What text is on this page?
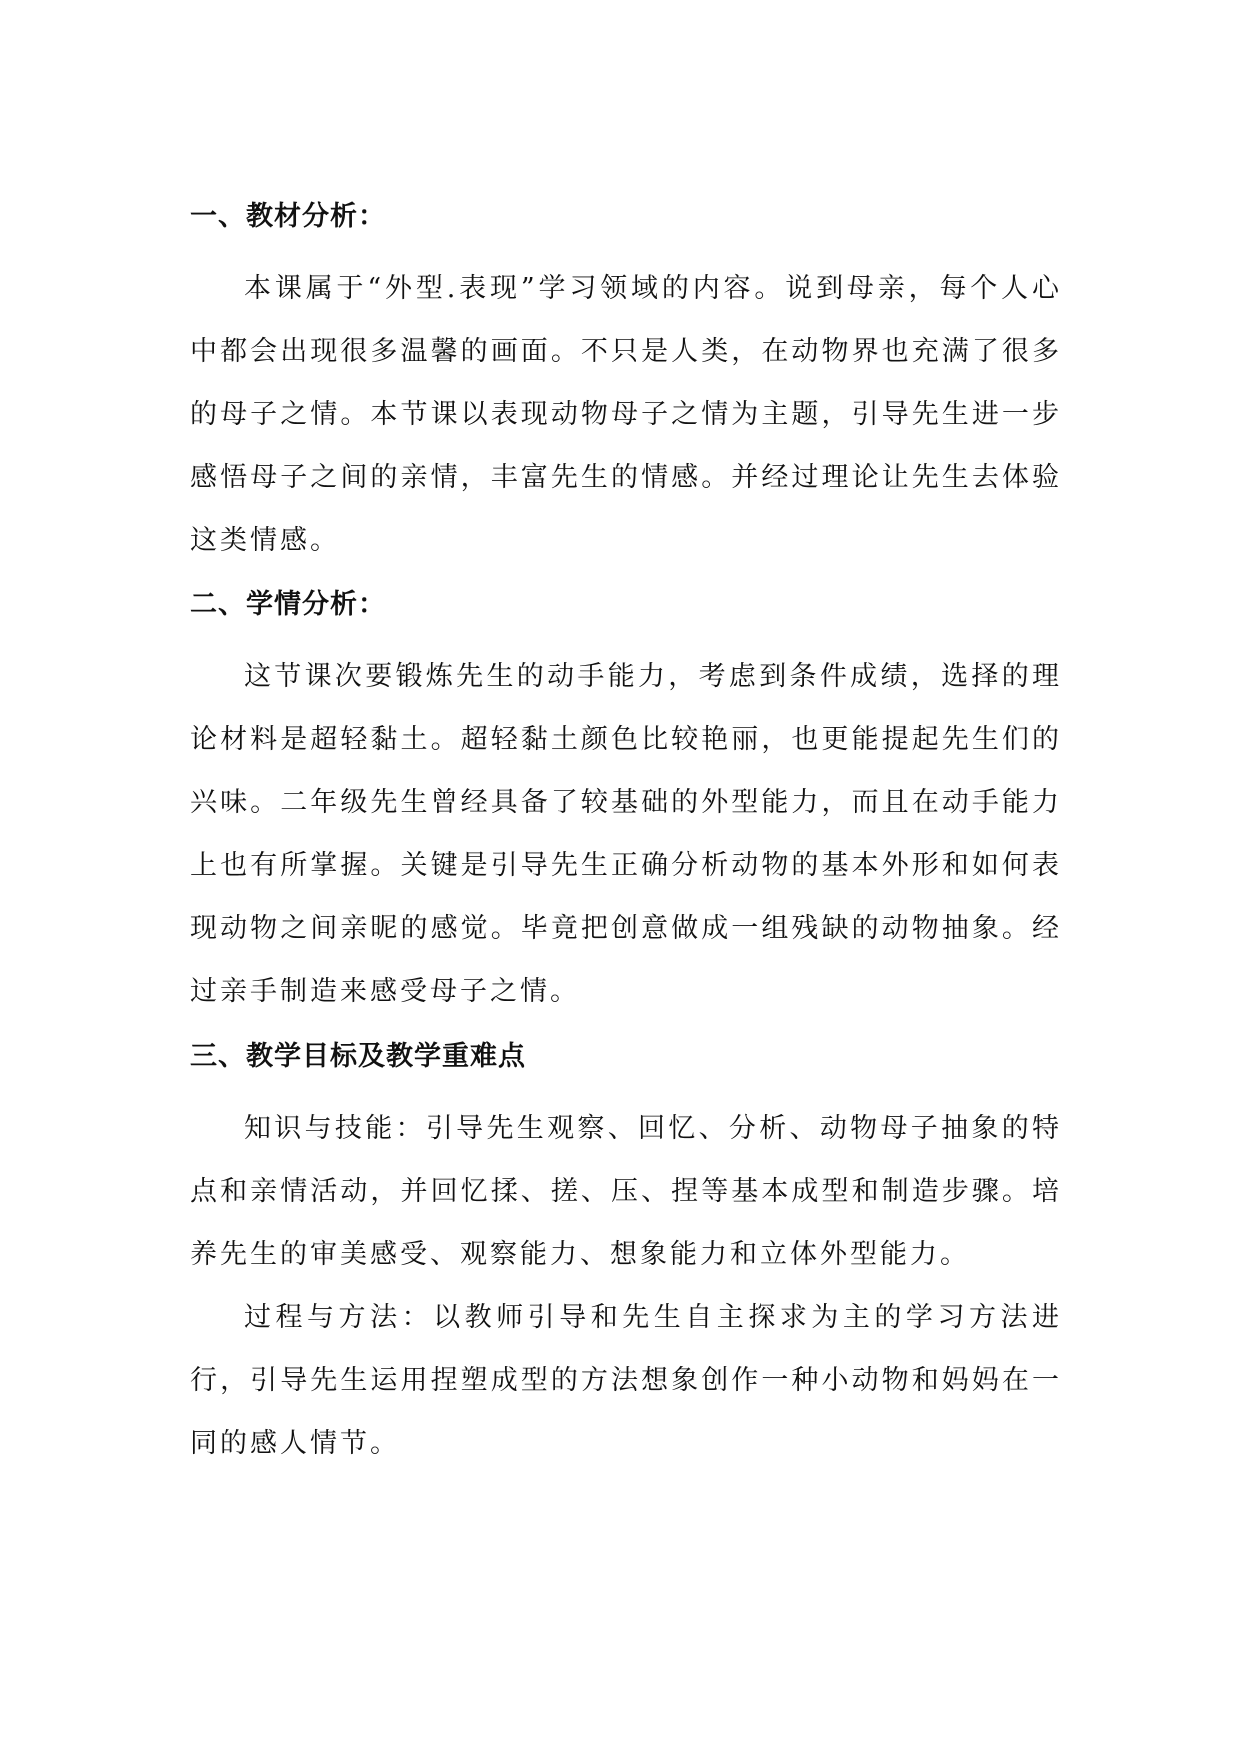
一、教材分析：

本课属于“外型.表现”学习领域的内容。说到母亲，每个人心中都会出现很多温馨的画面。不只是人类，在动物界也充满了很多的母子之情。本节课以表现动物母子之情为主题，引导先生进一步感悟母子之间的亲情，丰富先生的情感。并经过理论让先生去体验这类情感。

二、学情分析：

这节课次要锻炼先生的动手能力，考虑到条件成绩，选择的理论材料是超轻黏土。超轻黏土颜色比较艳丽，也更能提起先生们的兴味。二年级先生曾经具备了较基础的外型能力，而且在动手能力上也有所掌握。关键是引导先生正确分析动物的基本外形和如何表现动物之间亲昵的感觉。毕竟把创意做成一组残缺的动物抽象。经过亲手制造来感受母子之情。

三、教学目标及教学重难点

知识与技能：引导先生观察、回忆、分析、动物母子抽象的特点和亲情活动，并回忆揉、搓、压、捏等基本成型和制造步骤。培养先生的审美感受、观察能力、想象能力和立体外型能力。

过程与方法：以教师引导和先生自主探求为主的学习方法进行，引导先生运用捏塑成型的方法想象创作一种小动物和妈妈在一同的感人情节。
